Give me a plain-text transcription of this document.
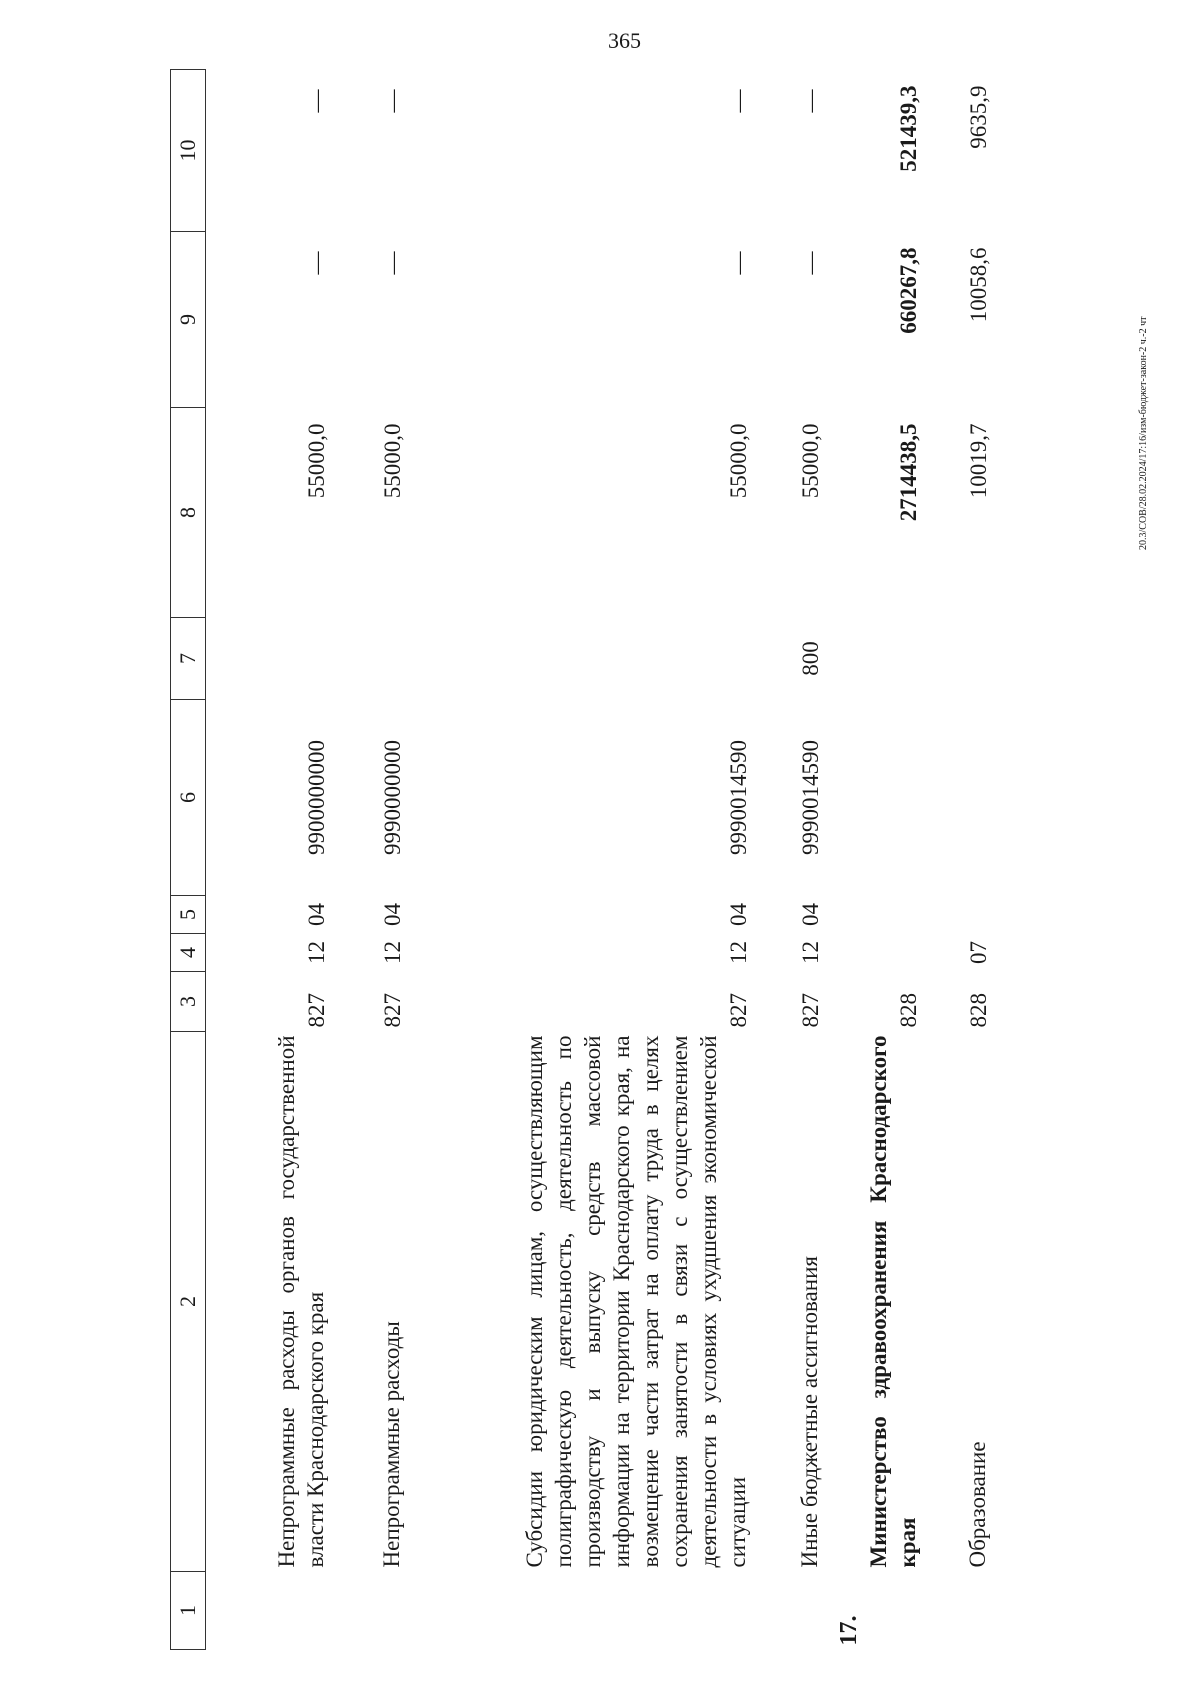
365
20.3/СОВ/28.02.2024/17:16/изм-бюджет-закон-2 ч.-2 чт
1	2	3	4	5	6	7	8	9	10
	Непрограммные расходы органов государственной власти Краснодарского края	827	12	04	9900000000		55000,0	—	—
	Непрограммные расходы	827	12	04	9990000000		55000,0	—	—
	Субсидии юридическим лицам, осуществляющим полиграфическую деятельность, деятельность по производству и выпуску средств массовой информации на территории Краснодарского края, на возмещение части затрат на оплату труда в целях сохранения занятости в связи с осуществлением деятельности в условиях ухудшения экономической ситуации	827	12	04	9990014590		55000,0	—	—
	Иные бюджетные ассигнования	827	12	04	9990014590	800	55000,0	—	—
17.	Министерство здравоохранения Краснодарского края	828					2714438,5	660267,8	521439,3
	Образование	828	07				10019,7	10058,6	9635,9
